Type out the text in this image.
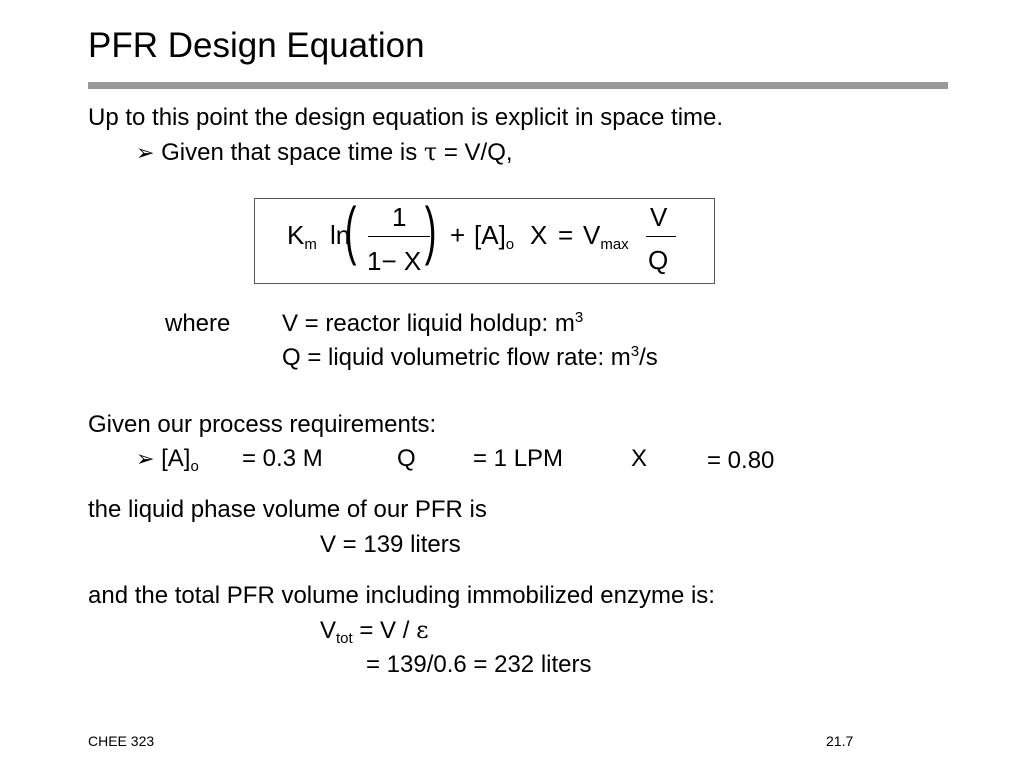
PFR Design Equation
Up to this point the design equation is explicit in space time.
➢ Given that space time is τ = V/Q,
$K_m$ ln
( 1
1− X ) + $[A]_o$ $X = V_{max}$
V
Q
where V = reactor liquid holdup: $m^3$
Q = liquid volumetric flow rate: $m^3/s$
Given our process requirements:
➢ $[A]_o = 0.3$ M	Q = 1 LPM	X = 0.80
the liquid phase volume of our PFR is
V = 139 liters
and the total PFR volume including immobilized enzyme is:
$V_{tot} = V / \varepsilon$
= 139/0.6 = 232 liters
CHEE 323	21.7
